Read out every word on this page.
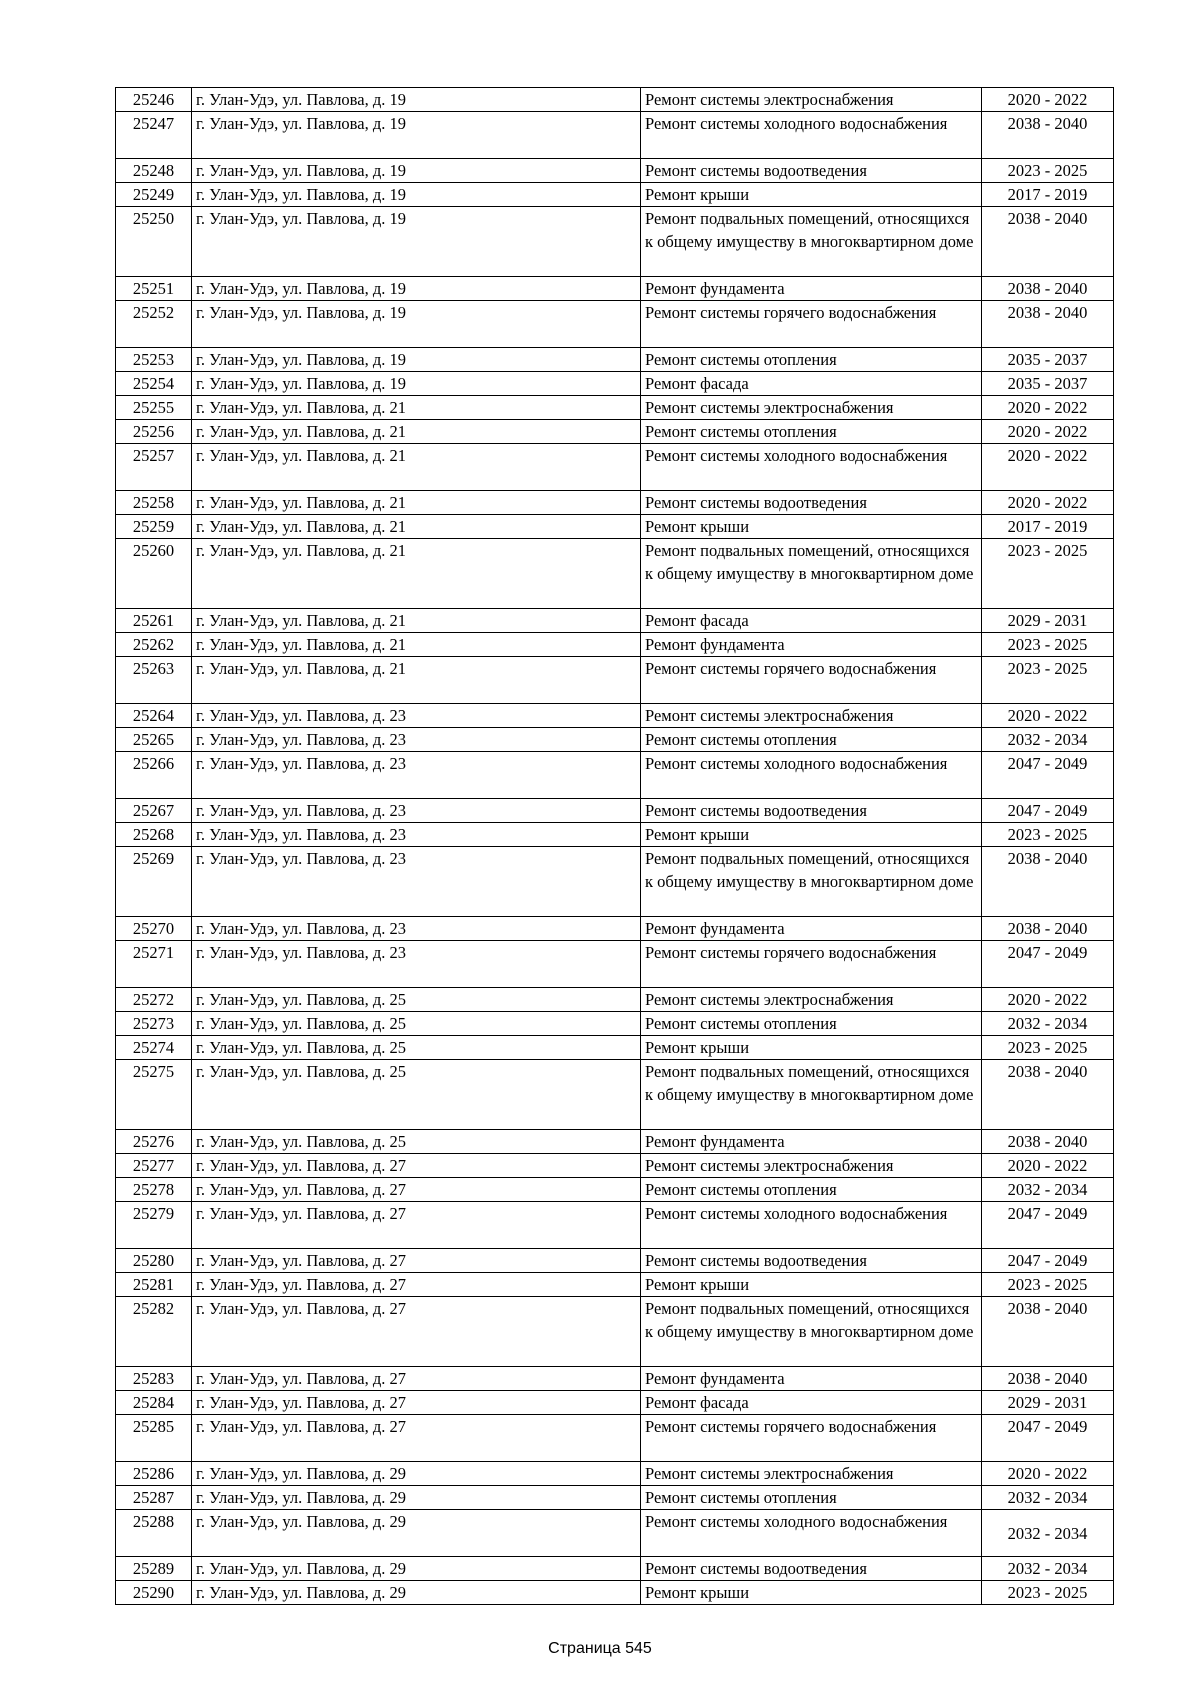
25246	г. Улан-Удэ, ул. Павлова, д. 19	Ремонт системы электроснабжения	2020 - 2022
25247	г. Улан-Удэ, ул. Павлова, д. 19	Ремонт системы холодного водоснабжения	2038 - 2040
25248	г. Улан-Удэ, ул. Павлова, д. 19	Ремонт системы водоотведения	2023 - 2025
25249	г. Улан-Удэ, ул. Павлова, д. 19	Ремонт крыши	2017 - 2019
25250	г. Улан-Удэ, ул. Павлова, д. 19	Ремонт подвальных помещений, относящихся к общему имуществу в многоквартирном доме	2038 - 2040
25251	г. Улан-Удэ, ул. Павлова, д. 19	Ремонт фундамента	2038 - 2040
25252	г. Улан-Удэ, ул. Павлова, д. 19	Ремонт системы горячего водоснабжения	2038 - 2040
25253	г. Улан-Удэ, ул. Павлова, д. 19	Ремонт системы отопления	2035 - 2037
25254	г. Улан-Удэ, ул. Павлова, д. 19	Ремонт фасада	2035 - 2037
25255	г. Улан-Удэ, ул. Павлова, д. 21	Ремонт системы электроснабжения	2020 - 2022
25256	г. Улан-Удэ, ул. Павлова, д. 21	Ремонт системы отопления	2020 - 2022
25257	г. Улан-Удэ, ул. Павлова, д. 21	Ремонт системы холодного водоснабжения	2020 - 2022
25258	г. Улан-Удэ, ул. Павлова, д. 21	Ремонт системы водоотведения	2020 - 2022
25259	г. Улан-Удэ, ул. Павлова, д. 21	Ремонт крыши	2017 - 2019
25260	г. Улан-Удэ, ул. Павлова, д. 21	Ремонт подвальных помещений, относящихся к общему имуществу в многоквартирном доме	2023 - 2025
25261	г. Улан-Удэ, ул. Павлова, д. 21	Ремонт фасада	2029 - 2031
25262	г. Улан-Удэ, ул. Павлова, д. 21	Ремонт фундамента	2023 - 2025
25263	г. Улан-Удэ, ул. Павлова, д. 21	Ремонт системы горячего водоснабжения	2023 - 2025
25264	г. Улан-Удэ, ул. Павлова, д. 23	Ремонт системы электроснабжения	2020 - 2022
25265	г. Улан-Удэ, ул. Павлова, д. 23	Ремонт системы отопления	2032 - 2034
25266	г. Улан-Удэ, ул. Павлова, д. 23	Ремонт системы холодного водоснабжения	2047 - 2049
25267	г. Улан-Удэ, ул. Павлова, д. 23	Ремонт системы водоотведения	2047 - 2049
25268	г. Улан-Удэ, ул. Павлова, д. 23	Ремонт крыши	2023 - 2025
25269	г. Улан-Удэ, ул. Павлова, д. 23	Ремонт подвальных помещений, относящихся к общему имуществу в многоквартирном доме	2038 - 2040
25270	г. Улан-Удэ, ул. Павлова, д. 23	Ремонт фундамента	2038 - 2040
25271	г. Улан-Удэ, ул. Павлова, д. 23	Ремонт системы горячего водоснабжения	2047 - 2049
25272	г. Улан-Удэ, ул. Павлова, д. 25	Ремонт системы электроснабжения	2020 - 2022
25273	г. Улан-Удэ, ул. Павлова, д. 25	Ремонт системы отопления	2032 - 2034
25274	г. Улан-Удэ, ул. Павлова, д. 25	Ремонт крыши	2023 - 2025
25275	г. Улан-Удэ, ул. Павлова, д. 25	Ремонт подвальных помещений, относящихся к общему имуществу в многоквартирном доме	2038 - 2040
25276	г. Улан-Удэ, ул. Павлова, д. 25	Ремонт фундамента	2038 - 2040
25277	г. Улан-Удэ, ул. Павлова, д. 27	Ремонт системы электроснабжения	2020 - 2022
25278	г. Улан-Удэ, ул. Павлова, д. 27	Ремонт системы отопления	2032 - 2034
25279	г. Улан-Удэ, ул. Павлова, д. 27	Ремонт системы холодного водоснабжения	2047 - 2049
25280	г. Улан-Удэ, ул. Павлова, д. 27	Ремонт системы водоотведения	2047 - 2049
25281	г. Улан-Удэ, ул. Павлова, д. 27	Ремонт крыши	2023 - 2025
25282	г. Улан-Удэ, ул. Павлова, д. 27	Ремонт подвальных помещений, относящихся к общему имуществу в многоквартирном доме	2038 - 2040
25283	г. Улан-Удэ, ул. Павлова, д. 27	Ремонт фундамента	2038 - 2040
25284	г. Улан-Удэ, ул. Павлова, д. 27	Ремонт фасада	2029 - 2031
25285	г. Улан-Удэ, ул. Павлова, д. 27	Ремонт системы горячего водоснабжения	2047 - 2049
25286	г. Улан-Удэ, ул. Павлова, д. 29	Ремонт системы электроснабжения	2020 - 2022
25287	г. Улан-Удэ, ул. Павлова, д. 29	Ремонт системы отопления	2032 - 2034
25288	г. Улан-Удэ, ул. Павлова, д. 29	Ремонт системы холодного водоснабжения	2032 - 2034
25289	г. Улан-Удэ, ул. Павлова, д. 29	Ремонт системы водоотведения	2032 - 2034
25290	г. Улан-Удэ, ул. Павлова, д. 29	Ремонт крыши	2023 - 2025
Страница 545
